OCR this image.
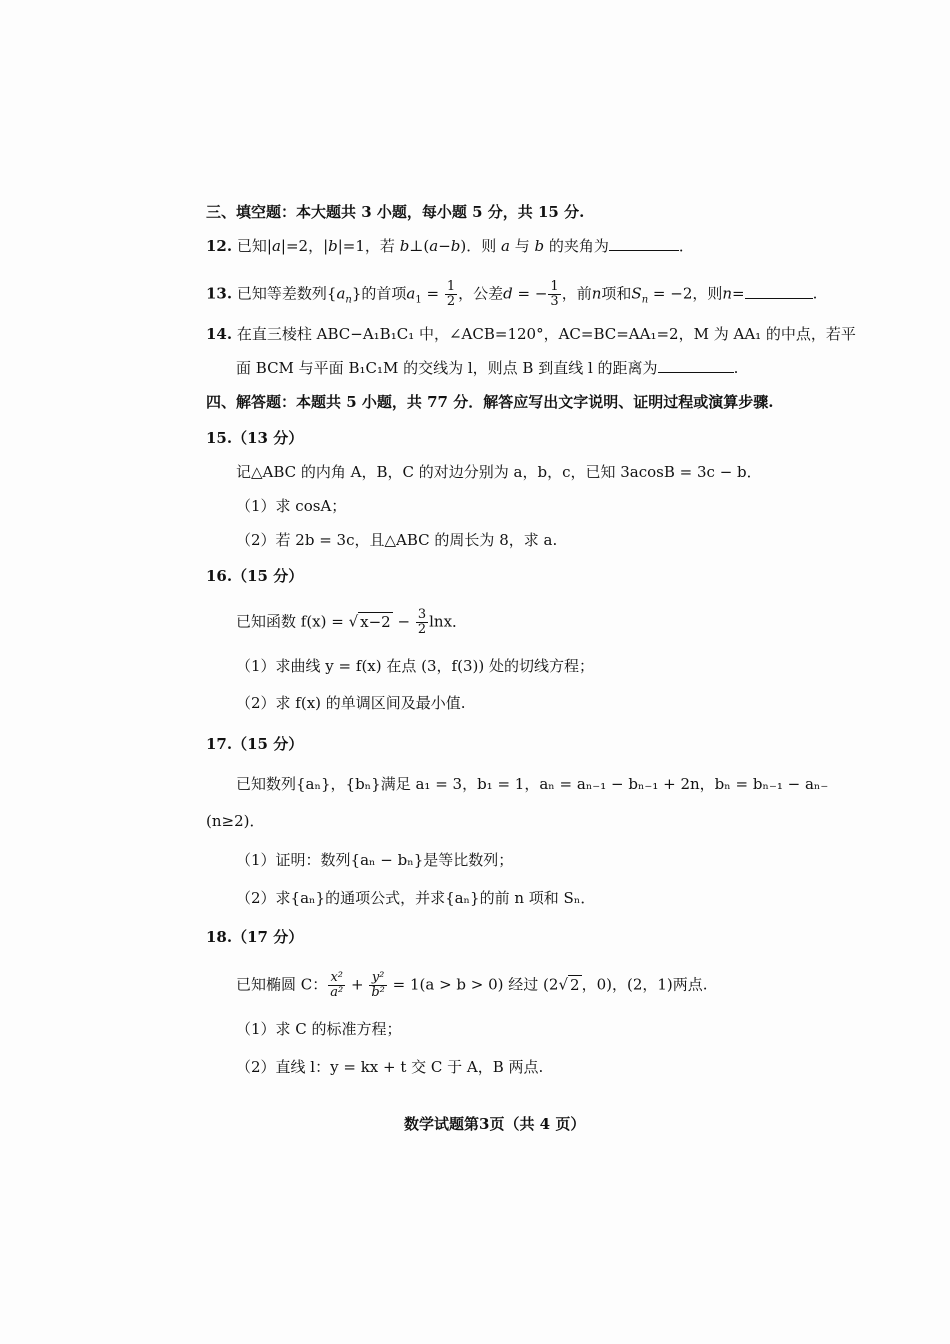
三、填空题：本大题共 3 小题，每小题 5 分，共 15 分.
12. 已知|a|=2，|b|=1，若 b⊥(a−b)．则 a 与 b 的夹角为	．
13. 已知等差数列$\{a_n\}$的首项$a_1 = \frac{1}{2}$ ，公差d = − $\frac{1}{3}$ ，前n项和$S_n = -2$，则n=	.
14. 在直三棱柱 ABC−A₁B₁C₁ 中，∠ACB=120°，AC=BC=AA₁=2，M 为 AA₁ 的中点，若平
面 BCM 与平面 B₁C₁M 的交线为 l，则点 B 到直线 l 的距离为	.
四、解答题：本题共 5 小题，共 77 分．解答应写出文字说明、证明过程或演算步骤.
15.（13 分）
记△ABC 的内角 A，B，C 的对边分别为 a，b，c，已知 3acosB = 3c − b．
（1）求 cosA；
（2）若 2b = 3c，且△ABC 的周长为 8，求 a.
16.（15 分）
已知函数 f(x) = √ $x-2 - \frac{3}{2}$ lnx．
（1）求曲线 y = f(x) 在点 (3，f(3)) 处的切线方程；
（2）求 f(x) 的单调区间及最小值.
17.（15 分）
已知数列{aₙ}，{bₙ}满足 a₁ = 3，b₁ = 1，aₙ = aₙ₋₁ − bₙ₋₁ + 2n，bₙ = bₙ₋₁ − aₙ₋
(n≥2)．
（1）证明：数列{aₙ − bₙ}是等比数列；
（2）求{aₙ}的通项公式，并求{aₙ}的前 n 项和 Sₙ．
18.（17 分）
已知椭圆 C： $\frac{\text{x²}}{\text{a²}} + \frac{\text{y²}}{\text{b²}} = 1(a > b > 0)$ 经过 (2√ 2 ，0)，(2，1)两点.
（1）求 C 的标准方程；
（2）直线 l：y = kx + t 交 C 于 A，B 两点.
数学试题第3页（共 4 页）
